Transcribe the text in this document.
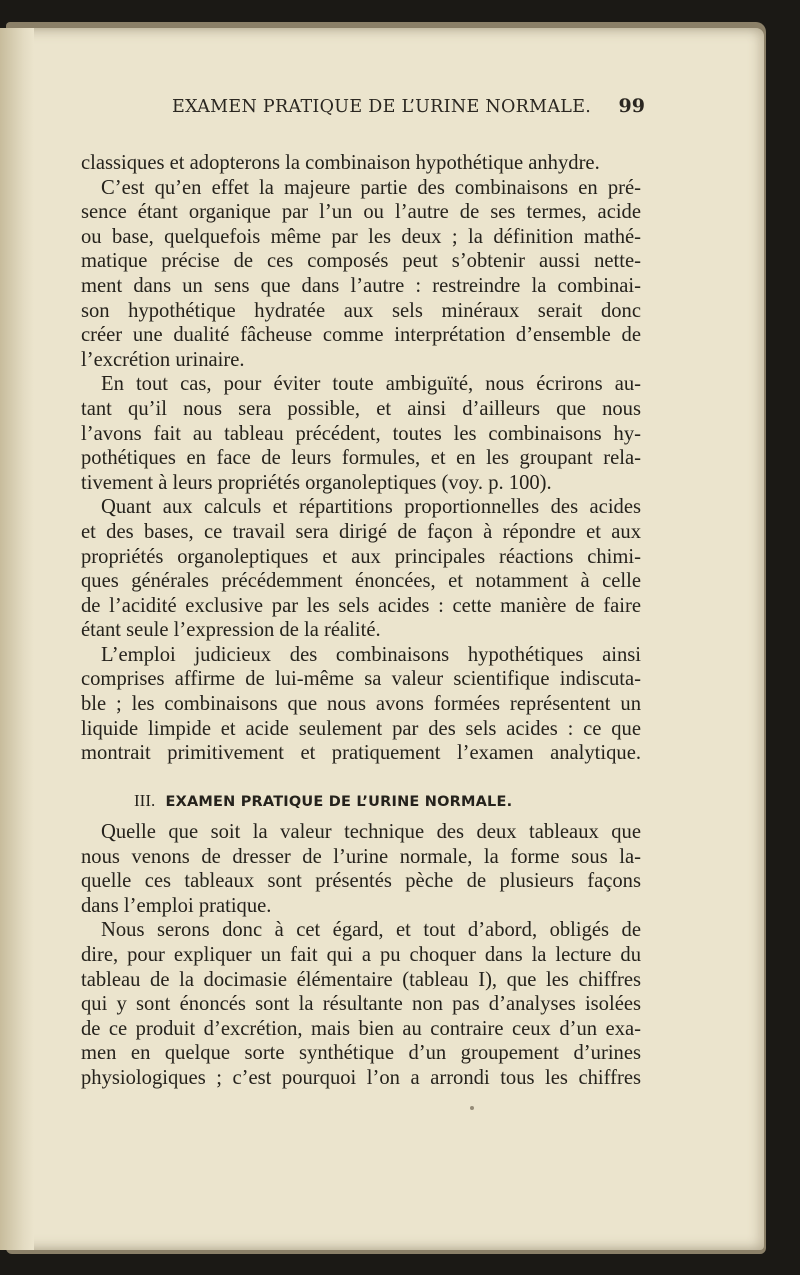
EXAMEN PRATIQUE DE L’URINE NORMALE. 99
classiques et adopterons la combinaison hypothétique anhydre.
C’est qu’en effet la majeure partie des combinaisons en pré-
sence étant organique par l’un ou l’autre de ses termes, acide
ou base, quelquefois même par les deux ; la définition mathé-
matique précise de ces composés peut s’obtenir aussi nette-
ment dans un sens que dans l’autre : restreindre la combinai-
son hypothétique hydratée aux sels minéraux serait donc
créer une dualité fâcheuse comme interprétation d’ensemble de
l’excrétion urinaire.
En tout cas, pour éviter toute ambiguïté, nous écrirons au-
tant qu’il nous sera possible, et ainsi d’ailleurs que nous
l’avons fait au tableau précédent, toutes les combinaisons hy-
pothétiques en face de leurs formules, et en les groupant rela-
tivement à leurs propriétés organoleptiques (voy. p. 100).
Quant aux calculs et répartitions proportionnelles des acides
et des bases, ce travail sera dirigé de façon à répondre et aux
propriétés organoleptiques et aux principales réactions chimi-
ques générales précédemment énoncées, et notamment à celle
de l’acidité exclusive par les sels acides : cette manière de faire
étant seule l’expression de la réalité.
L’emploi judicieux des combinaisons hypothétiques ainsi
comprises affirme de lui-même sa valeur scientifique indiscuta-
ble ; les combinaisons que nous avons formées représentent un
liquide limpide et acide seulement par des sels acides : ce que
montrait primitivement et pratiquement l’examen analytique.
III. EXAMEN PRATIQUE DE L’URINE NORMALE.
Quelle que soit la valeur technique des deux tableaux que
nous venons de dresser de l’urine normale, la forme sous la-
quelle ces tableaux sont présentés pèche de plusieurs façons
dans l’emploi pratique.
Nous serons donc à cet égard, et tout d’abord, obligés de
dire, pour expliquer un fait qui a pu choquer dans la lecture du
tableau de la docimasie élémentaire (tableau I), que les chiffres
qui y sont énoncés sont la résultante non pas d’analyses isolées
de ce produit d’excrétion, mais bien au contraire ceux d’un exa-
men en quelque sorte synthétique d’un groupement d’urines
physiologiques ; c’est pourquoi l’on a arrondi tous les chiffres
